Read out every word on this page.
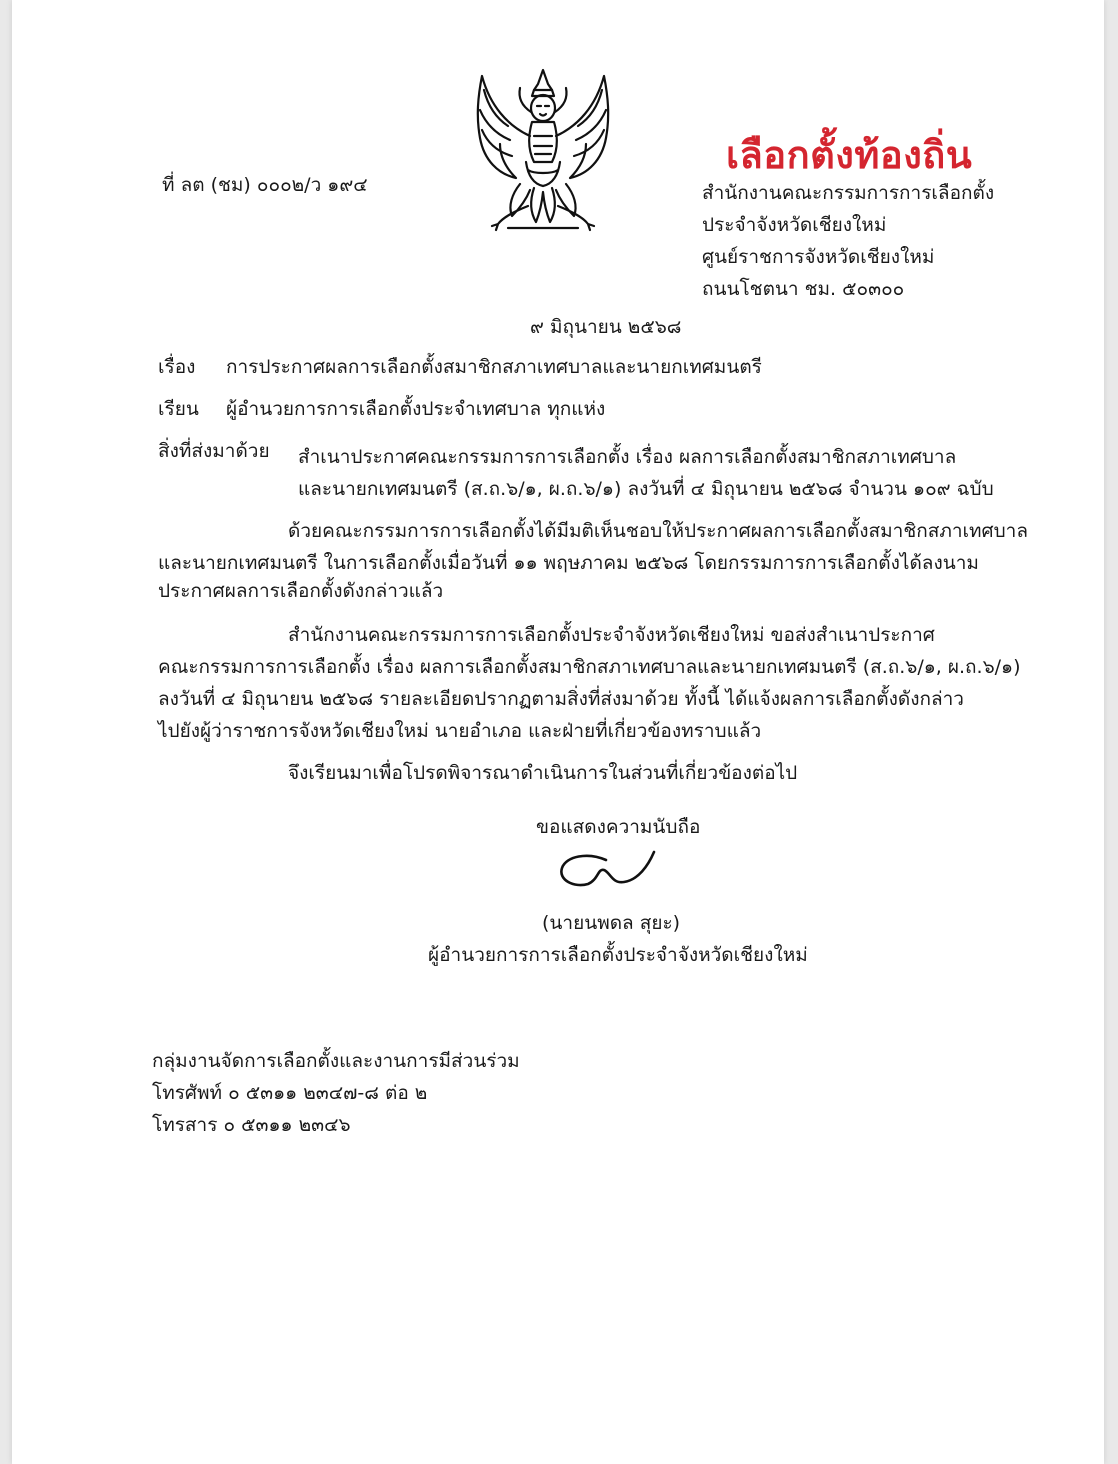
ที่ ลต (ชม) ๐๐๐๒/ว ๑๙๔
เลือกตั้งท้องถิ่น
สำนักงานคณะกรรมการการเลือกตั้ง
ประจำจังหวัดเชียงใหม่
ศูนย์ราชการจังหวัดเชียงใหม่
ถนนโชตนา ชม. ๕๐๓๐๐
๙ มิถุนายน ๒๕๖๘
เรื่อง การประกาศผลการเลือกตั้งสมาชิกสภาเทศบาลและนายกเทศมนตรี
เรียน ผู้อำนวยการการเลือกตั้งประจำเทศบาล ทุกแห่ง
สิ่งที่ส่งมาด้วย สำเนาประกาศคณะกรรมการการเลือกตั้ง เรื่อง ผลการเลือกตั้งสมาชิกสภาเทศบาล
และนายกเทศมนตรี (ส.ถ.๖/๑, ผ.ถ.๖/๑) ลงวันที่ ๔ มิถุนายน ๒๕๖๘ จำนวน ๑๐๙ ฉบับ
ด้วยคณะกรรมการการเลือกตั้งได้มีมติเห็นชอบให้ประกาศผลการเลือกตั้งสมาชิกสภาเทศบาล
และนายกเทศมนตรี ในการเลือกตั้งเมื่อวันที่ ๑๑ พฤษภาคม ๒๕๖๘ โดยกรรมการการเลือกตั้งได้ลงนาม
ประกาศผลการเลือกตั้งดังกล่าวแล้ว
สำนักงานคณะกรรมการการเลือกตั้งประจำจังหวัดเชียงใหม่ ขอส่งสำเนาประกาศ
คณะกรรมการการเลือกตั้ง เรื่อง ผลการเลือกตั้งสมาชิกสภาเทศบาลและนายกเทศมนตรี (ส.ถ.๖/๑, ผ.ถ.๖/๑)
ลงวันที่ ๔ มิถุนายน ๒๕๖๘ รายละเอียดปรากฏตามสิ่งที่ส่งมาด้วย ทั้งนี้ ได้แจ้งผลการเลือกตั้งดังกล่าว
ไปยังผู้ว่าราชการจังหวัดเชียงใหม่ นายอำเภอ และฝ่ายที่เกี่ยวข้องทราบแล้ว
จึงเรียนมาเพื่อโปรดพิจารณาดำเนินการในส่วนที่เกี่ยวข้องต่อไป
ขอแสดงความนับถือ
(นายนพดล สุยะ)
ผู้อำนวยการการเลือกตั้งประจำจังหวัดเชียงใหม่
กลุ่มงานจัดการเลือกตั้งและงานการมีส่วนร่วม
โทรศัพท์ ๐ ๕๓๑๑ ๒๓๔๗-๘ ต่อ ๒
โทรสาร ๐ ๕๓๑๑ ๒๓๔๖
